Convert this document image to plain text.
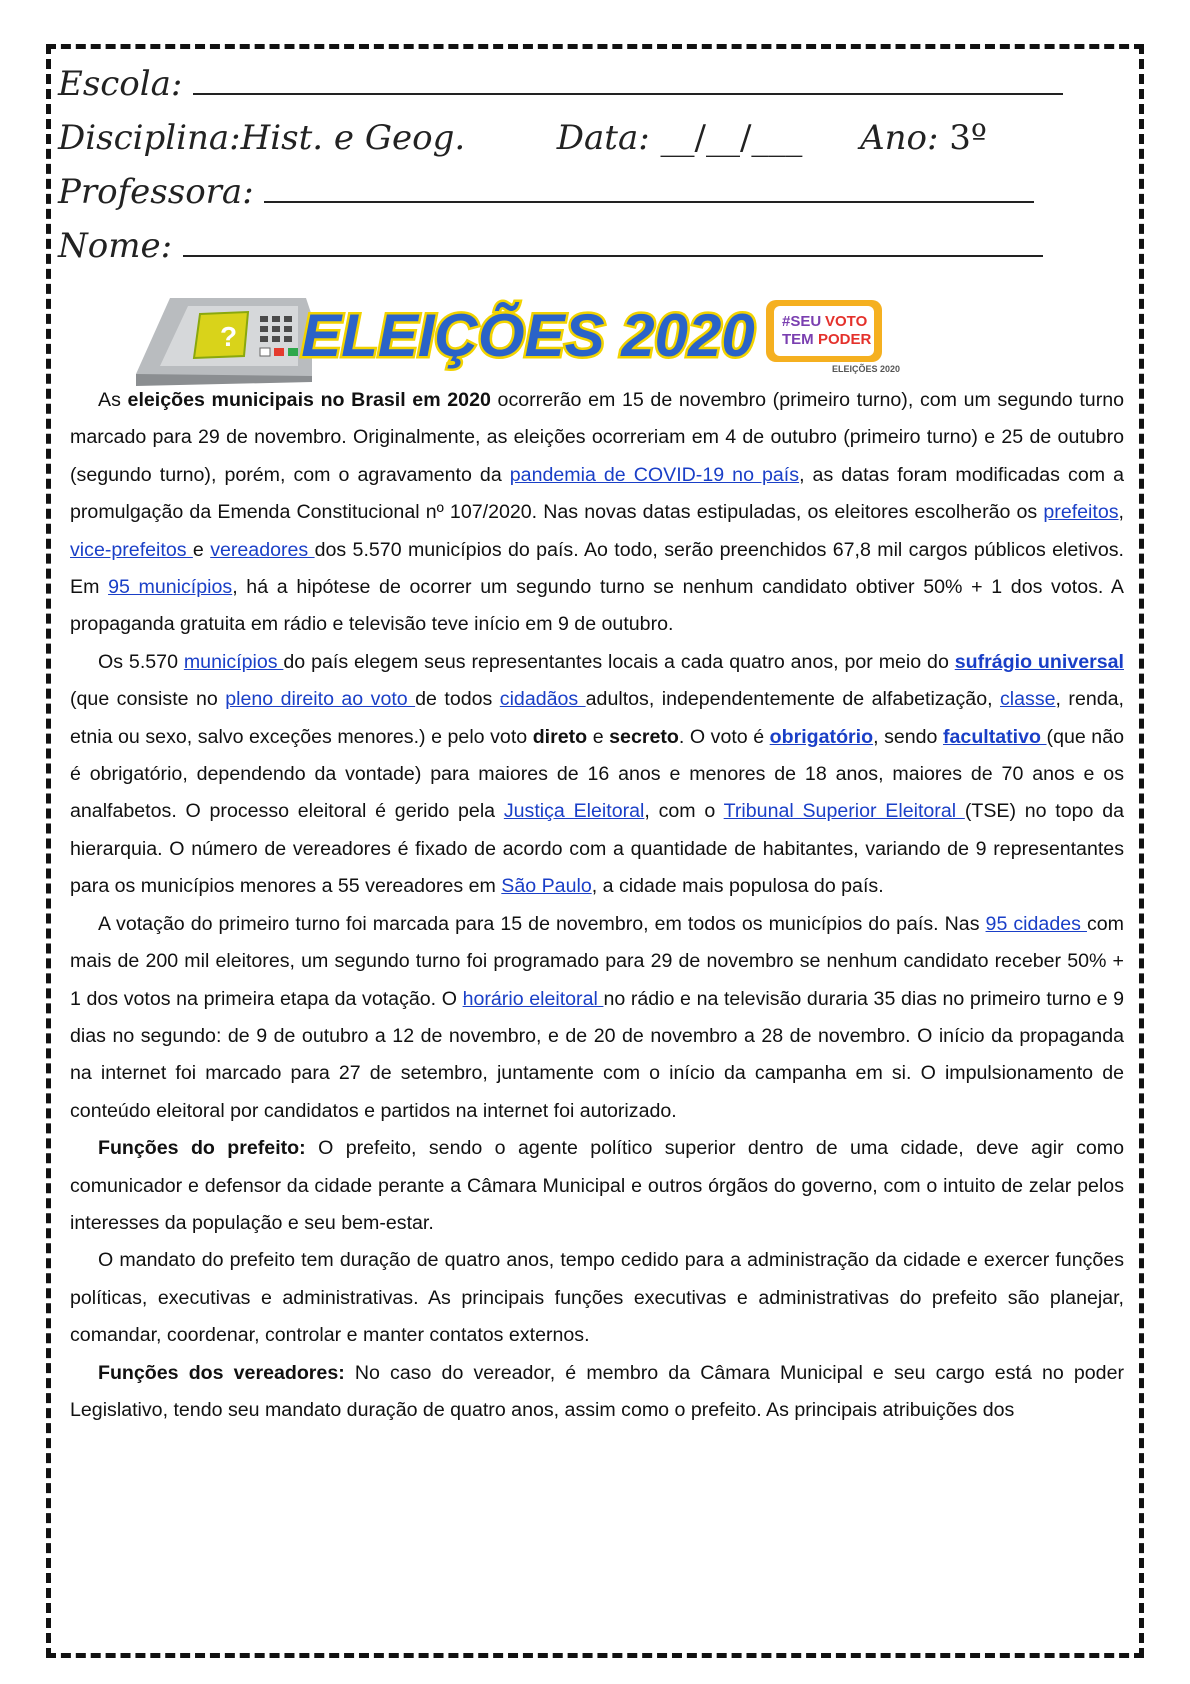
Escola:
Disciplina:Hist. e Geog.	Data: __/__/___ Ano: 3º
Professora:
Nome:
? ELEIÇÕES 2020 #SEU VOTO
TEM PODER
ELEIÇÕES 2020

As eleições municipais no Brasil em 2020 ocorrerão em 15 de novembro (primeiro turno), com um segundo turno marcado para 29 de novembro. Originalmente, as eleições ocorreriam em 4 de outubro (primeiro turno) e 25 de outubro (segundo turno), porém, com o agravamento da pandemia de COVID-19 no país, as datas foram modificadas com a promulgação da Emenda Constitucional nº 107/2020. Nas novas datas estipuladas, os eleitores escolherão os prefeitos, vice-prefeitos e vereadores dos 5.570 municípios do país. Ao todo, serão preenchidos 67,8 mil cargos públicos eletivos. Em 95 municípios, há a hipótese de ocorrer um segundo turno se nenhum candidato obtiver 50% + 1 dos votos. A propaganda gratuita em rádio e televisão teve início em 9 de outubro.

Os 5.570 municípios do país elegem seus representantes locais a cada quatro anos, por meio do sufrágio universal (que consiste no pleno direito ao voto de todos cidadãos adultos, independentemente de alfabetização, classe, renda, etnia ou sexo, salvo exceções menores.) e pelo voto direto e secreto. O voto é obrigatório, sendo facultativo (que não é obrigatório, dependendo da vontade) para maiores de 16 anos e menores de 18 anos, maiores de 70 anos e os analfabetos. O processo eleitoral é gerido pela Justiça Eleitoral, com o Tribunal Superior Eleitoral (TSE) no topo da hierarquia. O número de vereadores é fixado de acordo com a quantidade de habitantes, variando de 9 representantes para os municípios menores a 55 vereadores em São Paulo, a cidade mais populosa do país.

A votação do primeiro turno foi marcada para 15 de novembro, em todos os municípios do país. Nas 95 cidades com mais de 200 mil eleitores, um segundo turno foi programado para 29 de novembro se nenhum candidato receber 50% + 1 dos votos na primeira etapa da votação. O horário eleitoral no rádio e na televisão duraria 35 dias no primeiro turno e 9 dias no segundo: de 9 de outubro a 12 de novembro, e de 20 de novembro a 28 de novembro. O início da propaganda na internet foi marcado para 27 de setembro, juntamente com o início da campanha em si. O impulsionamento de conteúdo eleitoral por candidatos e partidos na internet foi autorizado.

Funções do prefeito: O prefeito, sendo o agente político superior dentro de uma cidade, deve agir como comunicador e defensor da cidade perante a Câmara Municipal e outros órgãos do governo, com o intuito de zelar pelos interesses da população e seu bem-estar.

O mandato do prefeito tem duração de quatro anos, tempo cedido para a administração da cidade e exercer funções políticas, executivas e administrativas. As principais funções executivas e administrativas do prefeito são planejar, comandar, coordenar, controlar e manter contatos externos.

Funções dos vereadores: No caso do vereador, é membro da Câmara Municipal e seu cargo está no poder Legislativo, tendo seu mandato duração de quatro anos, assim como o prefeito. As principais atribuições dos
